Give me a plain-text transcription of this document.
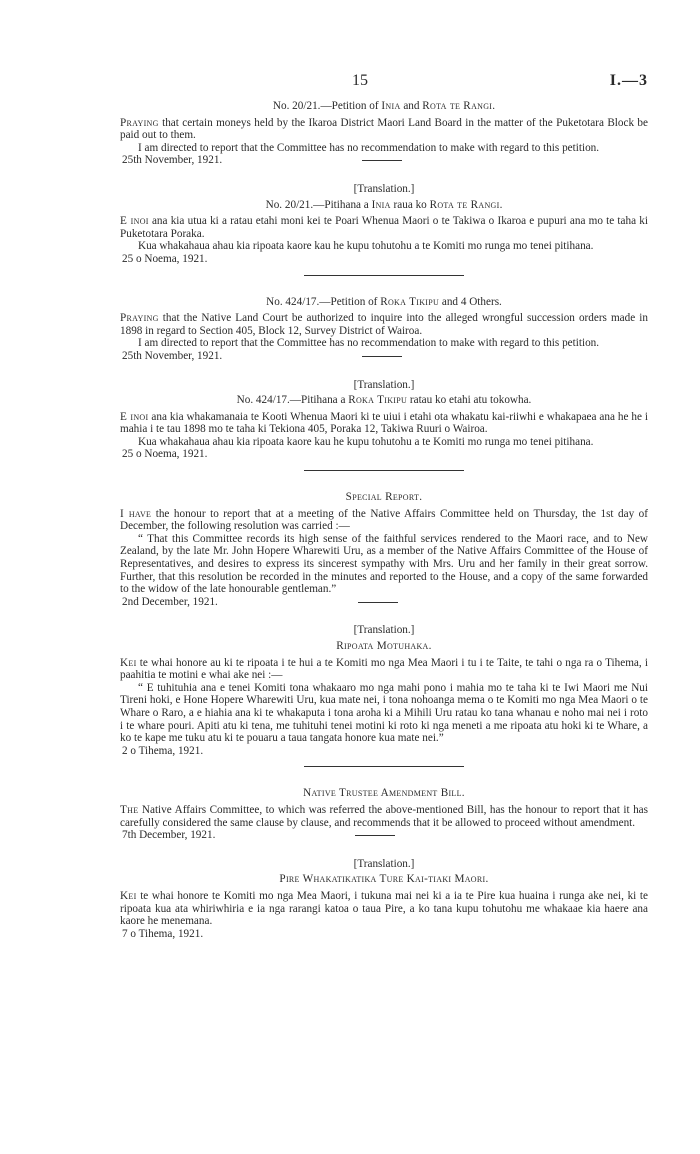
15	I.—3
No. 20/21.—Petition of Inia and Rota te Rangi.

Praying that certain moneys held by the Ikaroa District Maori Land Board in the matter of the Puketotara Block be paid out to them.

I am directed to report that the Committee has no recommendation to make with regard to this petition.

25th November, 1921.
[Translation.]
No. 20/21.—Pitihana a Inia raua ko Rota te Rangi.

E inoi ana kia utua ki a ratau etahi moni kei te Poari Whenua Maori o te Takiwa o Ikaroa e pupuri ana mo te taha ki Puketotara Poraka.

Kua whakahaua ahau kia ripoata kaore kau he kupu tohutohu a te Komiti mo runga mo tenei pitihana.

25 o Noema, 1921.
No. 424/17.—Petition of Roka Tikipu and 4 Others.

Praying that the Native Land Court be authorized to inquire into the alleged wrongful succession orders made in 1898 in regard to Section 405, Block 12, Survey District of Wairoa.

I am directed to report that the Committee has no recommendation to make with regard to this petition.

25th November, 1921.
[Translation.]
No. 424/17.—Pitihana a Roka Tikipu ratau ko etahi atu tokowha.

E inoi ana kia whakamanaia te Kooti Whenua Maori ki te uiui i etahi ota whakatu kai-riiwhi e whakapaea ana he he i mahia i te tau 1898 mo te taha ki Tekiona 405, Poraka 12, Takiwa Ruuri o Wairoa.

Kua whakahaua ahau kia ripoata kaore kau he kupu tohutohu a te Komiti mo runga mo tenei pitihana.

25 o Noema, 1921.
Special Report.

I have the honour to report that at a meeting of the Native Affairs Committee held on Thursday, the 1st day of December, the following resolution was carried :—

“ That this Committee records its high sense of the faithful services rendered to the Maori race, and to New Zealand, by the late Mr. John Hopere Wharewiti Uru, as a member of the Native Affairs Committee of the House of Representatives, and desires to express its sincerest sympathy with Mrs. Uru and her family in their great sorrow. Further, that this resolution be recorded in the minutes and reported to the House, and a copy of the same forwarded to the widow of the late honourable gentleman.”

2nd December, 1921.
[Translation.]
Ripoata Motuhaka.

Kei te whai honore au ki te ripoata i te hui a te Komiti mo nga Mea Maori i tu i te Taite, te tahi o nga ra o Tihema, i paahitia te motini e whai ake nei :—

“ E tuhituhia ana e tenei Komiti tona whakaaro mo nga mahi pono i mahia mo te taha ki te Iwi Maori me Nui Tireni hoki, e Hone Hopere Wharewiti Uru, kua mate nei, i tona nohoanga mema o te Komiti mo nga Mea Maori o te Whare o Raro, a e hiahia ana ki te whakaputa i tona aroha ki a Mihili Uru ratau ko tana whanau e noho mai nei i roto i te whare pouri. Apiti atu ki tena, me tuhituhi tenei motini ki roto ki nga meneti a me ripoata atu hoki ki te Whare, a ko te kape me tuku atu ki te pouaru a taua tangata honore kua mate nei.”

2 o Tihema, 1921.
Native Trustee Amendment Bill.

The Native Affairs Committee, to which was referred the above-mentioned Bill, has the honour to report that it has carefully considered the same clause by clause, and recommends that it be allowed to proceed without amendment.

7th December, 1921.
[Translation.]
Pire Whakatikatika Ture Kai-tiaki Maori.

Kei te whai honore te Komiti mo nga Mea Maori, i tukuna mai nei ki a ia te Pire kua huaina i runga ake nei, ki te ripoata kua ata whiriwhiria e ia nga rarangi katoa o taua Pire, a ko tana kupu tohutohu me whakaae kia haere ana kaore he menemana.

7 o Tihema, 1921.
